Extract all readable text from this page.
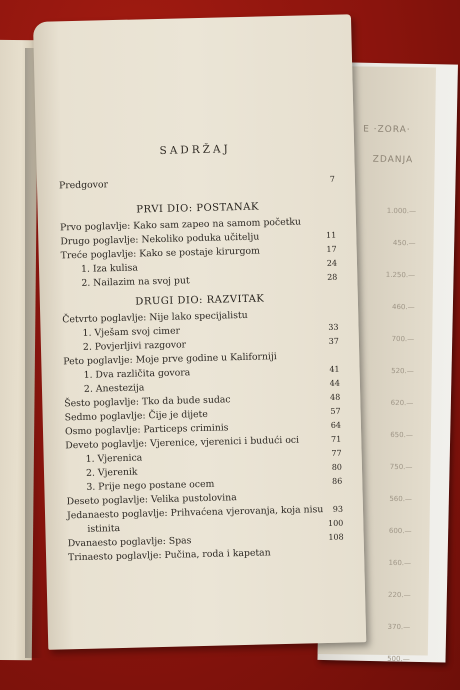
E ·ZORA·
ZDANJA
1.000.—
450.—
1.250.—
460.—
700.—
520.—
620.—
650.—
750.—
560.—
600.—
160.—
220.—
370.—
500.—
SADRŽAJ
Predgovor	7
PRVI DIO: POSTANAK
Prvo poglavlje: Kako sam zapeo na samom početku
Drugo poglavlje: Nekoliko poduka učitelju	11
Treće poglavlje: Kako se postaje kirurgom	17
1. Iza kulisa	24
2. Nailazim na svoj put	28
DRUGI DIO: RAZVITAK
Četvrto poglavlje: Nije lako specijalistu
1. Vješam svoj cimer	33
2. Povjerljivi razgovor	37
Peto poglavlje: Moje prve godine u Kaliforniji
1. Dva različita govora	41
2. Anestezija	44
Šesto poglavlje: Tko da bude sudac	48
Sedmo poglavlje: Čije je dijete	57
Osmo poglavlje: Particeps criminis	64
Deveto poglavlje: Vjerenice, vjerenici i budući oci	71
1. Vjerenica	77
2. Vjerenik	80
3. Prije nego postane ocem	86
Deseto poglavlje: Velika pustolovina
Jedanaesto poglavlje: Prihvaćena vjerovanja, koja nisu	93
istinita	100
Dvanaesto poglavlje: Spas	108
Trinaesto poglavlje: Pučina, roda i kapetan
